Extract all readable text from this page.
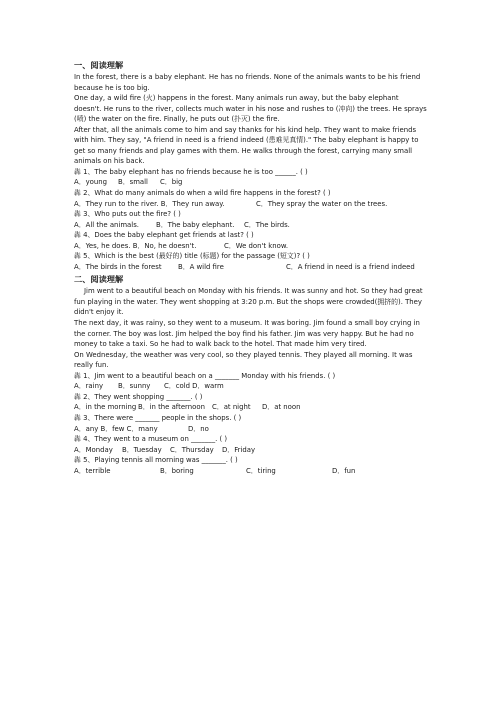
一、阅读理解

In the forest, there is a baby elephant. He has no friends. None of the animals wants to be his friend because he is too big.

One day, a wild fire (火) happens in the forest. Many animals run away, but the baby elephant doesn't. He runs to the river, collects much water in his nose and rushes to (冲向) the trees. He sprays (喷) the water on the fire. Finally, he puts out (扑灭) the fire.

After that, all the animals come to him and say thanks for his kind help. They want to make friends with him. They say, "A friend in need is a friend indeed (患难见真情)." The baby elephant is happy to get so many friends and play games with them. He walks through the forest, carrying many small animals on his back.

犇 1、The baby elephant has no friends because he is too ______. ( )

A．young B．small C．big

犇 2、What do many animals do when a wild fire happens in the forest? ( )

A．They run to the river. B．They run away.	C．They spray the water on the trees.

犇 3、Who puts out the fire? ( )

A．All the animals. B．The baby elephant. C．The birds.

犇 4、Does the baby elephant get friends at last? ( )

A．Yes, he does. B．No, he doesn't.	C．We don't know.

犇 5、Which is the best (最好的) title (标题) for the passage (短文)? ( )

A．The birds in the forest B．A wild fire	C．A friend in need is a friend indeed

二、阅读理解

Jim went to a beautiful beach on Monday with his friends. It was sunny and hot. So they had great fun playing in the water. They went shopping at 3:20 p.m. But the shops were crowded(拥挤的). They didn't enjoy it.

The next day, it was rainy, so they went to a museum. It was boring. Jim found a small boy crying in the corner. The boy was lost. Jim helped the boy find his father. Jim was very happy. But he had no money to take a taxi. So he had to walk back to the hotel. That made him very tired.

On Wednesday, the weather was very cool, so they played tennis. They played all morning. It was really fun.

犇 1、Jim went to a beautiful beach on a _______ Monday with his friends. ( )

A．rainy B．sunny C．cold D．warm

犇 2、They went shopping _______. ( )

A．in the morning B．in the afternoon C．at night D．at noon

犇 3、There were _______ people in the shops. ( )

A．any B．few C．many	D．no

犇 4、They went to a museum on _______. ( )

A．Monday B．Tuesday C．Thursday D．Friday

犇 5、Playing tennis all morning was _______. ( )

A．terrible	B．boring	C．tiring	D．fun
